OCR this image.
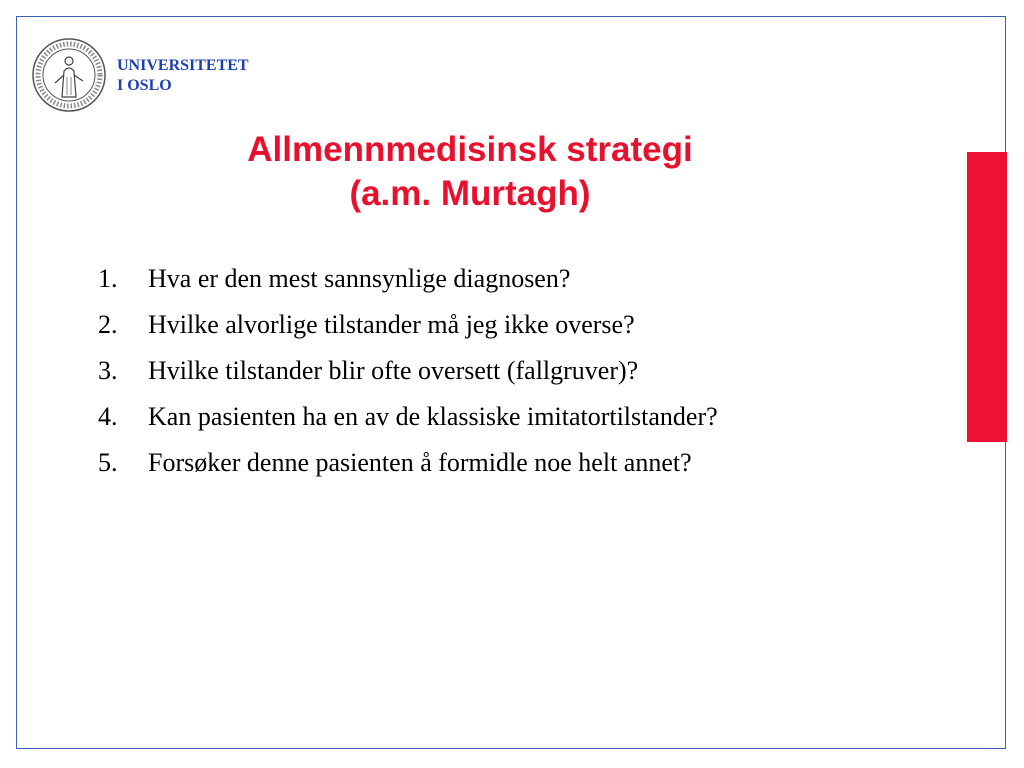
UNIVERSITETET
I OSLO
Allmennmedisinsk strategi
(a.m. Murtagh)
1.	Hva er den mest sannsynlige diagnosen?
2.	Hvilke alvorlige tilstander må jeg ikke overse?
3.	Hvilke tilstander blir ofte oversett (fallgruver)?
4.	Kan pasienten ha en av de klassiske imitatortilstander?
5.	Forsøker denne pasienten å formidle noe helt annet?
